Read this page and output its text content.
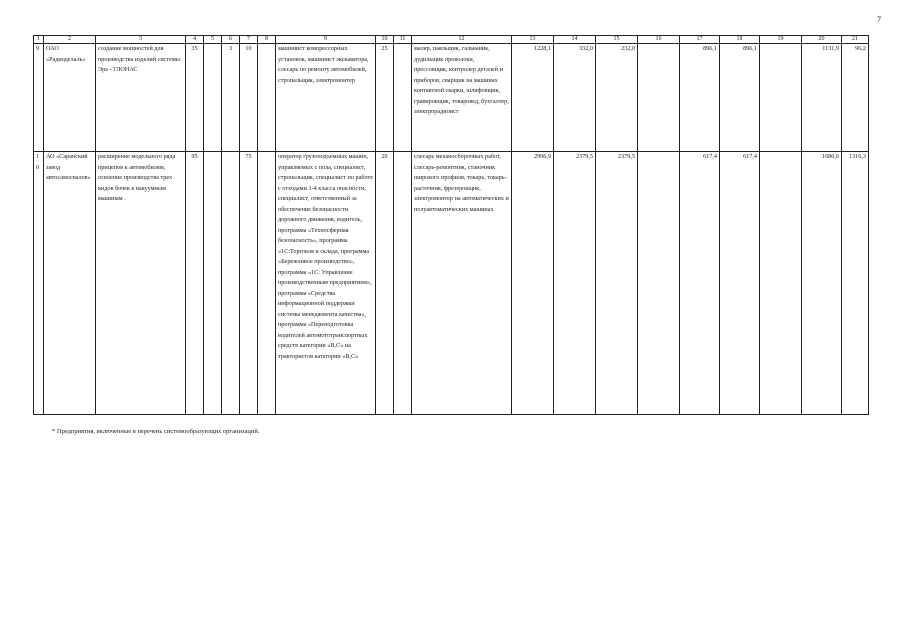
7
1	2	3	4	5	6	7	8	9	10	11	12	13	14	15	16	17	18	19	20	21
9	ОАО «Радиоделаль»	создание мощностей для производства изделий системы Эра - ГЛОНАС	35		3	10		машинист компрессорных установок, машинист экскаватора, слесарь по ремонту автомобилей, стропальщик, электромонтер	25		маляр, паяльщик, гальваник, дудильщик проволоки, прессовщик, контролер деталей и приборов, сварщик на машинах контактной сварки, шлифовщик, гравировщик, товаровед, бухгалтер, электрорадиоист	1228,1	332,0	232,0		896,1	896,1		1131,9	96,2
10	АО «Сарапский завод автосамосвалов»	расширение модельного ряда прицепов к автомобилям, освоение производства трех видов бочек к вакуумным машинам .	95			75		оператор грузоподъемных машин, управляемых с пола, специалист, стропальщик, специалист по работе с отходами 1-4 класса опасности, специалист, ответственный за обеспечение безопасности дорожного движения, водитель, программа «Техносферная безопасность», программа «1С:Торговля и склада, программа «Бережливое производство», программа «1С: Управление производственным предприятием», программа «Средства информационной поддержки системы менеджмента качества», программа «Переподготовка водителей автомототранспортных средств категории «В,С» на трактористов категории «В,С»	20		слесарь механосборочных работ, слесарь-ремонтник, станочник широкого профиля, токарь, токарь-расточник, фрезеровщик, электромонтер на автоматических и полуавтоматических машинах	2996,9	2379,5	2379,5		617,4	617,4		1680,6	1316,3
* Предприятия, включенные в перечень системообразующих организаций.
